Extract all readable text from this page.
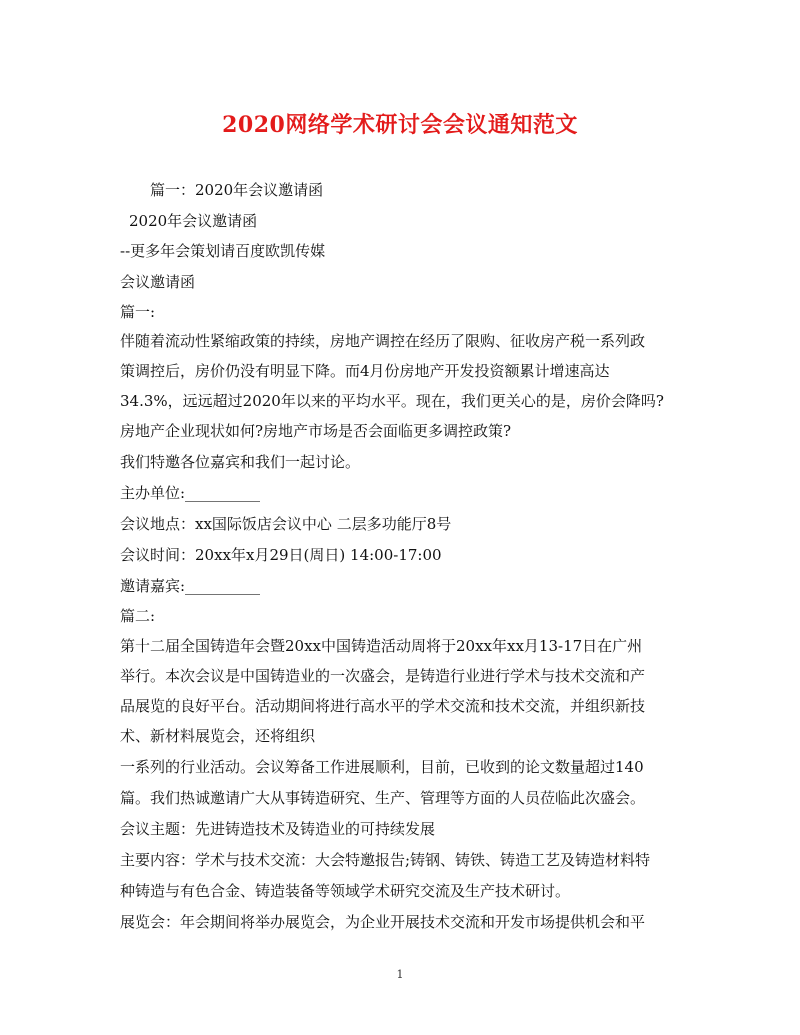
2020网络学术研讨会会议通知范文
篇一：2020年会议邀请函
2020年会议邀请函
--更多年会策划请百度欧凯传媒
会议邀请函
篇一:
伴随着流动性紧缩政策的持续，房地产调控在经历了限购、征收房产税一系列政
策调控后，房价仍没有明显下降。而4月份房地产开发投资额累计增速高达
34.3%，远远超过2020年以来的平均水平。现在，我们更关心的是，房价会降吗?
房地产企业现状如何?房地产市场是否会面临更多调控政策?
我们特邀各位嘉宾和我们一起讨论。
主办单位:__________
会议地点：xx国际饭店会议中心 二层多功能厅8号
会议时间：20xx年x月29日(周日) 14:00-17:00
邀请嘉宾:__________
篇二:
第十二届全国铸造年会暨20xx中国铸造活动周将于20xx年xx月13-17日在广州
举行。本次会议是中国铸造业的一次盛会，是铸造行业进行学术与技术交流和产
品展览的良好平台。活动期间将进行高水平的学术交流和技术交流，并组织新技
术、新材料展览会，还将组织
一系列的行业活动。会议筹备工作进展顺利，目前，已收到的论文数量超过140
篇。我们热诚邀请广大从事铸造研究、生产、管理等方面的人员莅临此次盛会。
会议主题：先进铸造技术及铸造业的可持续发展
主要内容：学术与技术交流：大会特邀报告;铸钢、铸铁、铸造工艺及铸造材料特
种铸造与有色合金、铸造装备等领域学术研究交流及生产技术研讨。
展览会：年会期间将举办展览会，为企业开展技术交流和开发市场提供机会和平
1
